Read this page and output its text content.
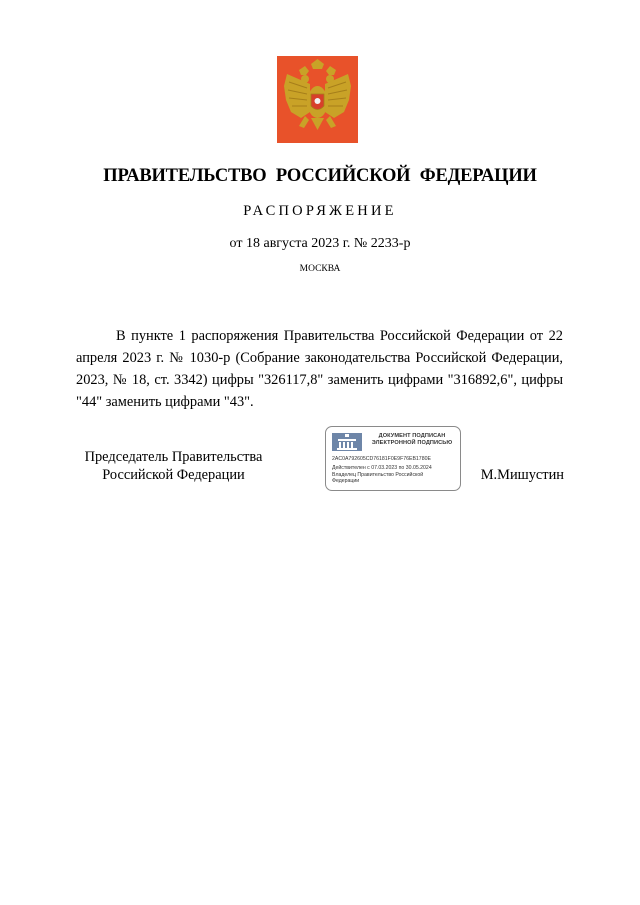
ПРАВИТЕЛЬСТВО РОССИЙСКОЙ ФЕДЕРАЦИИ

РАСПОРЯЖЕНИЕ

от 18 августа 2023 г. № 2233-р

МОСКВА

В пункте 1 распоряжения Правительства Российской Федерации от 22 апреля 2023 г. № 1030-р (Собрание законодательства Российской Федерации, 2023, № 18, ст. 3342) цифры "326117,8" заменить цифрами "316892,6", цифры "44" заменить цифрами "43".

Председатель Правительства
Российской Федерации
ДОКУМЕНТ ПОДПИСАН
ЭЛЕКТРОННОЙ ПОДПИСЬЮ
2AC0A792605CD76181F0E9F76EB1780E
Действителен с 07.03.2023 по 30.05.2024
Владелец Правительство Российской Федерации	М.Мишустин
